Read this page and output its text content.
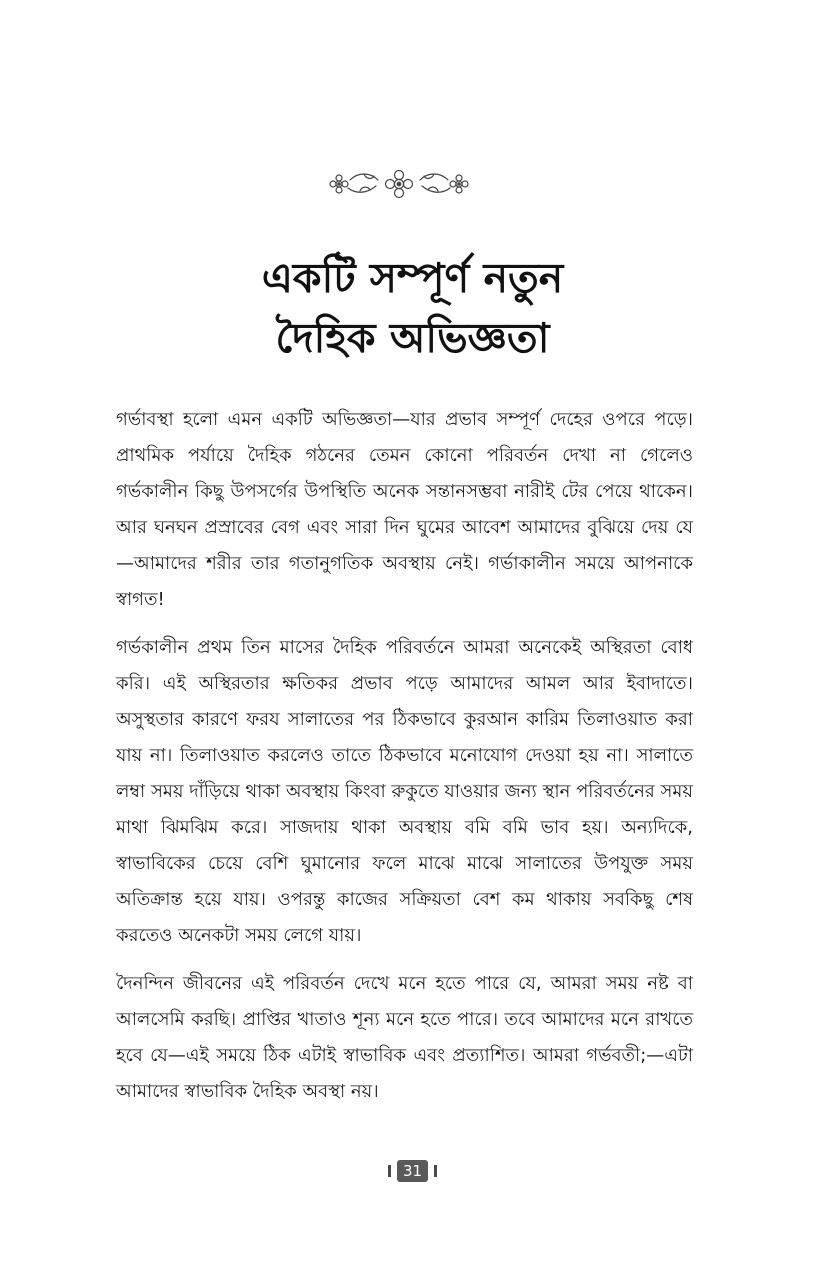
একটি সম্পূর্ণ নতুন
দৈহিক অভিজ্ঞতা

গর্ভাবস্থা হলো এমন একটি অভিজ্ঞতা—যার প্রভাব সম্পূর্ণ দেহের ওপরে পড়ে। প্রাথমিক পর্যায়ে দৈহিক গঠনের তেমন কোনো পরিবর্তন দেখা না গেলেও গর্ভকালীন কিছু উপসর্গের উপস্থিতি অনেক সন্তানসম্ভবা নারীই টের পেয়ে থাকেন। আর ঘনঘন প্রস্রাবের বেগ এবং সারা দিন ঘুমের আবেশ আমাদের বুঝিয়ে দেয় যে—আমাদের শরীর তার গতানুগতিক অবস্থায় নেই। গর্ভাকালীন সময়ে আপনাকে স্বাগত!

গর্ভকালীন প্রথম তিন মাসের দৈহিক পরিবর্তনে আমরা অনেকেই অস্থিরতা বোধ করি। এই অস্থিরতার ক্ষতিকর প্রভাব পড়ে আমাদের আমল আর ইবাদাতে। অসুস্থতার কারণে ফরয সালাতের পর ঠিকভাবে কুরআন কারিম তিলাওয়াত করা যায় না। তিলাওয়াত করলেও তাতে ঠিকভাবে মনোযোগ দেওয়া হয় না। সালাতে লম্বা সময় দাঁড়িয়ে থাকা অবস্থায় কিংবা রুকুতে যাওয়ার জন্য স্থান পরিবর্তনের সময় মাথা ঝিমঝিম করে। সাজদায় থাকা অবস্থায় বমি বমি ভাব হয়। অন্যদিকে, স্বাভাবিকের চেয়ে বেশি ঘুমানোর ফলে মাঝে মাঝে সালাতের উপযুক্ত সময় অতিক্রান্ত হয়ে যায়। ওপরন্তু কাজের সক্রিয়তা বেশ কম থাকায় সবকিছু শেষ করতেও অনেকটা সময় লেগে যায়।

দৈনন্দিন জীবনের এই পরিবর্তন দেখে মনে হতে পারে যে, আমরা সময় নষ্ট বা আলসেমি করছি। প্রাপ্তির খাতাও শূন্য মনে হতে পারে। তবে আমাদের মনে রাখতে হবে যে—এই সময়ে ঠিক এটাই স্বাভাবিক এবং প্রত্যাশিত। আমরা গর্ভবতী;—এটা আমাদের স্বাভাবিক দৈহিক অবস্থা নয়।

31
